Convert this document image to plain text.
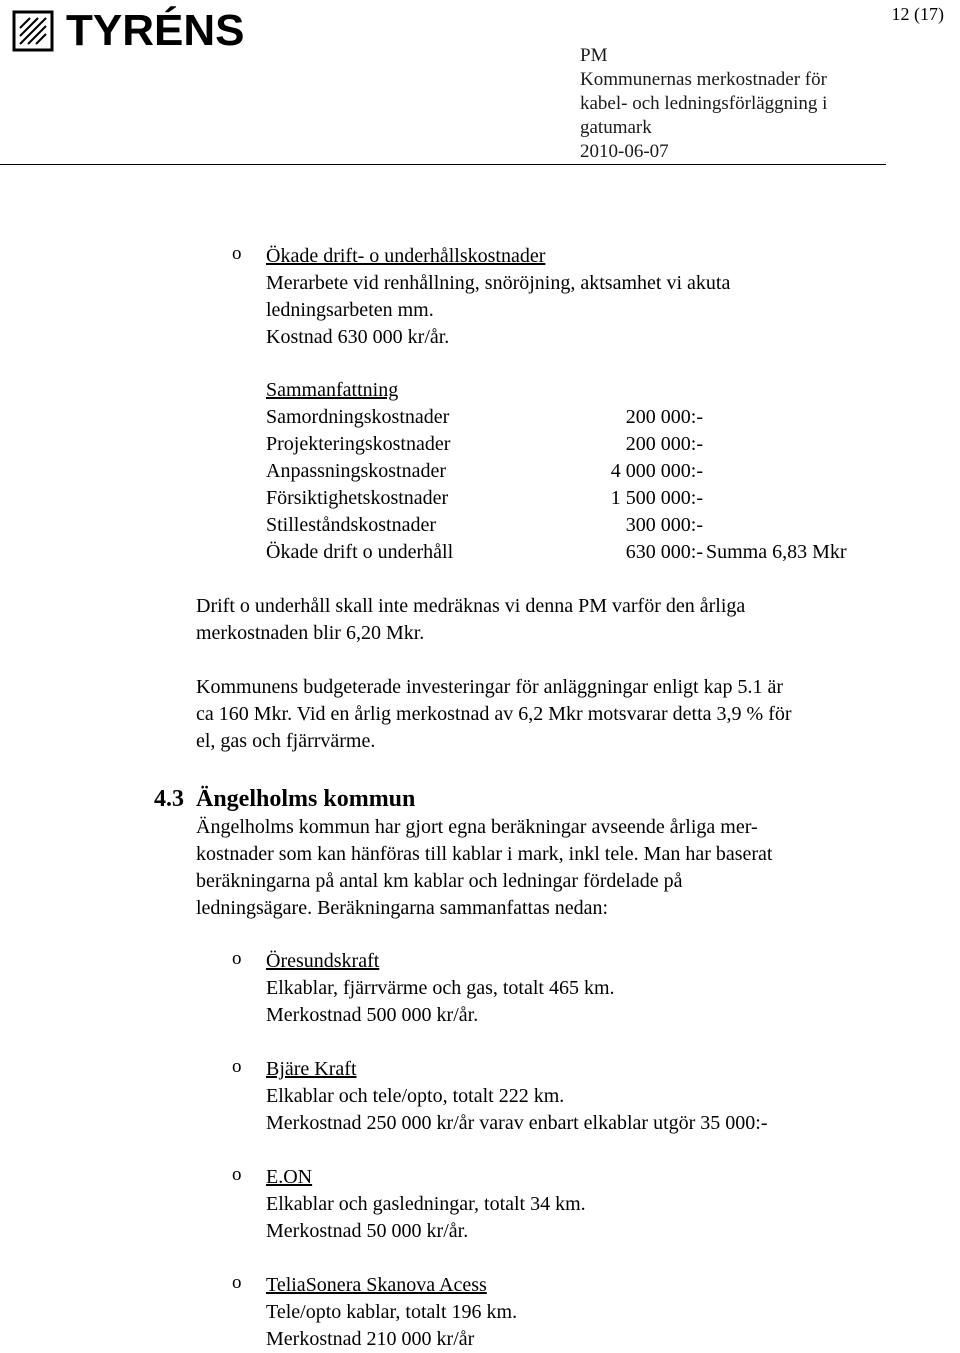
TYRÉNS	12 (17)
PM
Kommunernas merkostnader för
kabel- och ledningsförläggning i
gatumark
2010-06-07
o Ökade drift- o underhållskostnader
Merarbete vid renhållning, snöröjning, aktsamhet vi akuta
ledningsarbeten mm.
Kostnad 630 000 kr/år.
Sammanfattning
Samordningskostnader	200 000:-
Projekteringskostnader	200 000:-
Anpassningskostnader	4 000 000:-
Försiktighetskostnader	1 500 000:-
Stilleståndskostnader	300 000:-
Ökade drift o underhåll	630 000:- Summa 6,83 Mkr
Drift o underhåll skall inte medräknas vi denna PM varför den årliga
merkostnaden blir 6,20 Mkr.
Kommunens budgeterade investeringar för anläggningar enligt kap 5.1 är
ca 160 Mkr. Vid en årlig merkostnad av 6,2 Mkr motsvarar detta 3,9 % för
el, gas och fjärrvärme.
4.3 Ängelholms kommun
Ängelholms kommun har gjort egna beräkningar avseende årliga mer-
kostnader som kan hänföras till kablar i mark, inkl tele. Man har baserat
beräkningarna på antal km kablar och ledningar fördelade på
ledningsägare. Beräkningarna sammanfattas nedan:
o Öresundskraft
Elkablar, fjärrvärme och gas, totalt 465 km.
Merkostnad 500 000 kr/år.
o Bjäre Kraft
Elkablar och tele/opto, totalt 222 km.
Merkostnad 250 000 kr/år varav enbart elkablar utgör 35 000:-
o E.ON
Elkablar och gasledningar, totalt 34 km.
Merkostnad 50 000 kr/år.
o TeliaSonera Skanova Acess
Tele/opto kablar, totalt 196 km.
Merkostnad 210 000 kr/år
